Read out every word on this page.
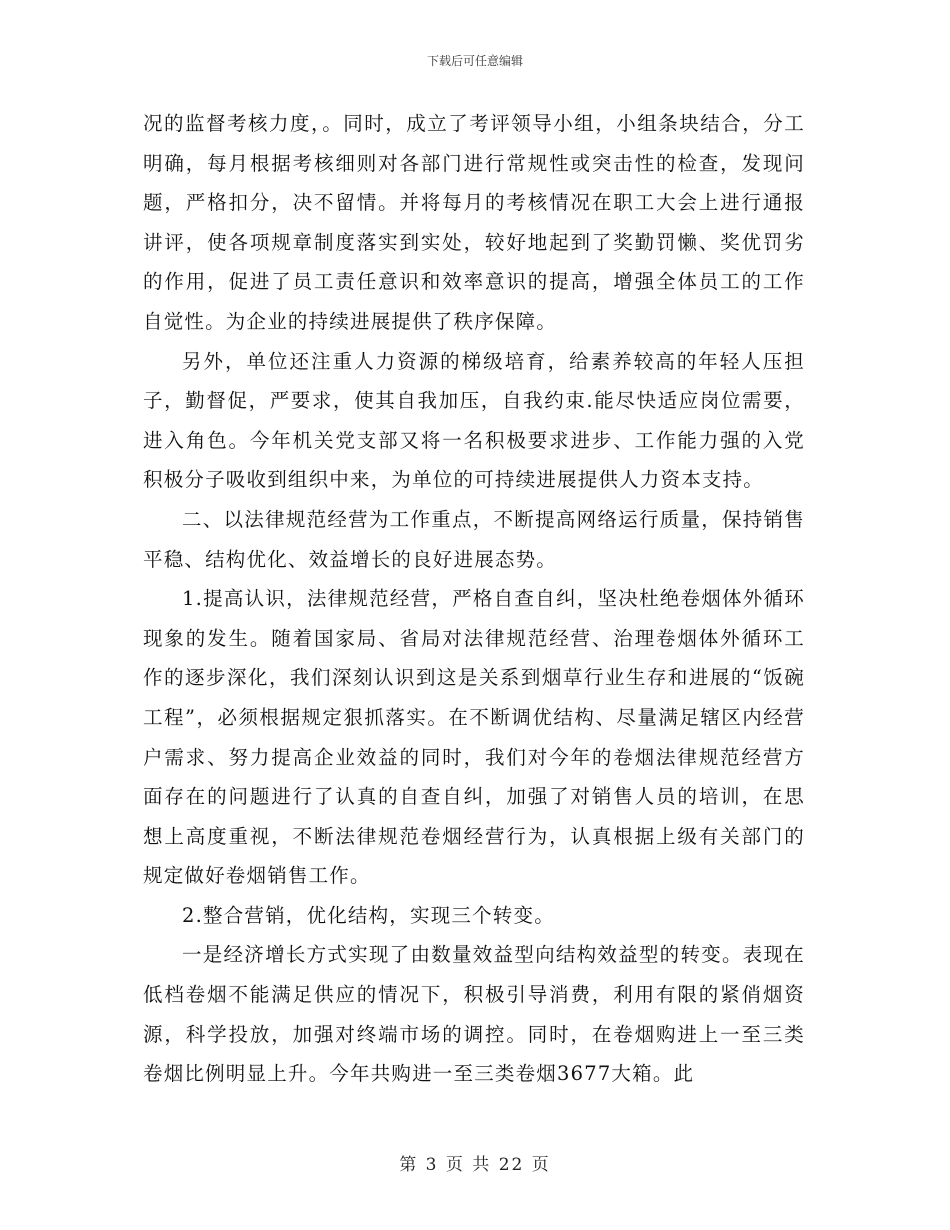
下载后可任意编辑

况的监督考核力度，。同时，成立了考评领导小组，小组条块结合，分工明确，每月根据考核细则对各部门进行常规性或突击性的检查，发现问题，严格扣分，决不留情。并将每月的考核情况在职工大会上进行通报讲评，使各项规章制度落实到实处，较好地起到了奖勤罚懒、奖优罚劣的作用，促进了员工责任意识和效率意识的提高，增强全体员工的工作自觉性。为企业的持续进展提供了秩序保障。

另外，单位还注重人力资源的梯级培育，给素养较高的年轻人压担子，勤督促，严要求，使其自我加压，自我约束.能尽快适应岗位需要，进入角色。今年机关党支部又将一名积极要求进步、工作能力强的入党积极分子吸收到组织中来，为单位的可持续进展提供人力资本支持。

二、以法律规范经营为工作重点，不断提高网络运行质量，保持销售平稳、结构优化、效益增长的良好进展态势。

1.提高认识，法律规范经营，严格自查自纠，坚决杜绝卷烟体外循环现象的发生。随着国家局、省局对法律规范经营、治理卷烟体外循环工作的逐步深化，我们深刻认识到这是关系到烟草行业生存和进展的“饭碗工程”，必须根据规定狠抓落实。在不断调优结构、尽量满足辖区内经营户需求、努力提高企业效益的同时，我们对今年的卷烟法律规范经营方面存在的问题进行了认真的自查自纠，加强了对销售人员的培训，在思想上高度重视，不断法律规范卷烟经营行为，认真根据上级有关部门的规定做好卷烟销售工作。

2.整合营销，优化结构，实现三个转变。

一是经济增长方式实现了由数量效益型向结构效益型的转变。表现在低档卷烟不能满足供应的情况下，积极引导消费，利用有限的紧俏烟资源，科学投放，加强对终端市场的调控。同时，在卷烟购进上一至三类卷烟比例明显上升。今年共购进一至三类卷烟3677大箱。此

第 3 页 共 22 页
